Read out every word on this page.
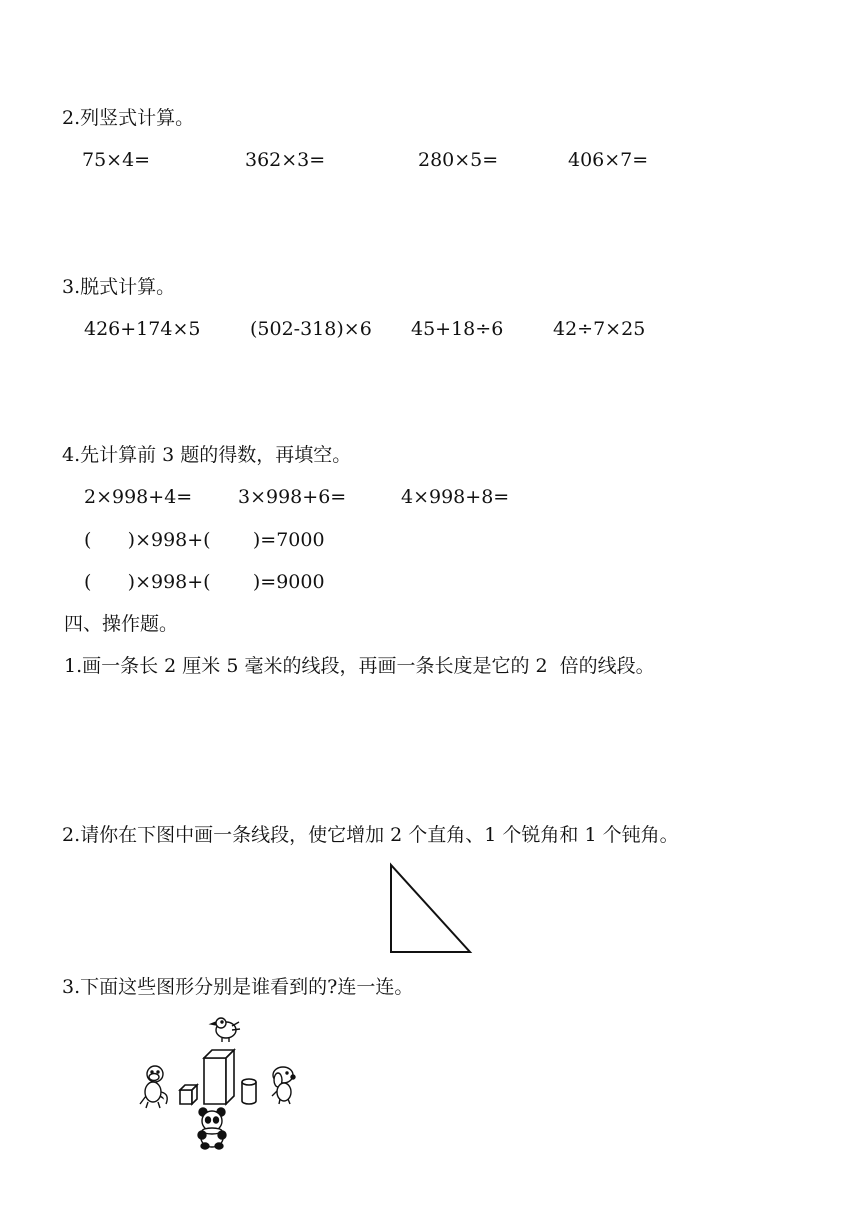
2.列竖式计算。
75×4=	362×3=	280×5=	406×7=
3.脱式计算。
426+174×5	(502-318)×6 45+18÷6	42÷7×25
4.先计算前 3 题的得数，再填空。
2×998+4= 3×998+6=	4×998+8=
(      )×998+(       )=7000
(      )×998+(       )=9000
四、操作题。
1.画一条长 2 厘米 5 毫米的线段，再画一条长度是它的 2  倍的线段。
2.请你在下图中画一条线段，使它增加 2 个直角、1 个锐角和 1 个钝角。
3.下面这些图形分别是谁看到的?连一连。
